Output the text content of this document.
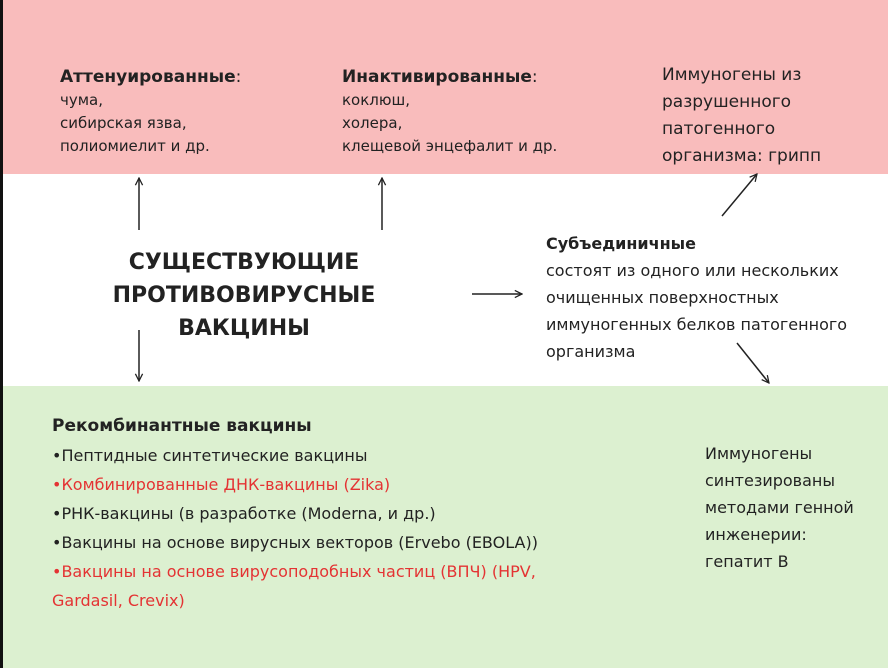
Аттенуированные:
чума,
сибирская язва,
полиомиелит и др.
Инактивированные:
коклюш,
холера,
клещевой энцефалит и др.
Иммуногены из
разрушенного
патогенного
организма: грипп
СУЩЕСТВУЮЩИЕ
ПРОТИВОВИРУСНЫЕ ВАКЦИНЫ
Субъединичные
состоят из одного или нескольких
очищенных поверхностных
иммуногенных белков патогенного
организма
Рекомбинантные вакцины
•Пептидные синтетические вакцины
•Комбинированные ДНК-вакцины (Zika)
•РНК-вакцины (в разработке (Moderna, и др.)
•Вакцины на основе вирусных векторов (Ervebo (EBOLA))
•Вакцины на основе вирусоподобных частиц (ВПЧ) (HPV,
Gardasil, Crevix)
Иммуногены
синтезированы
методами генной
инженерии:
гепатит В
